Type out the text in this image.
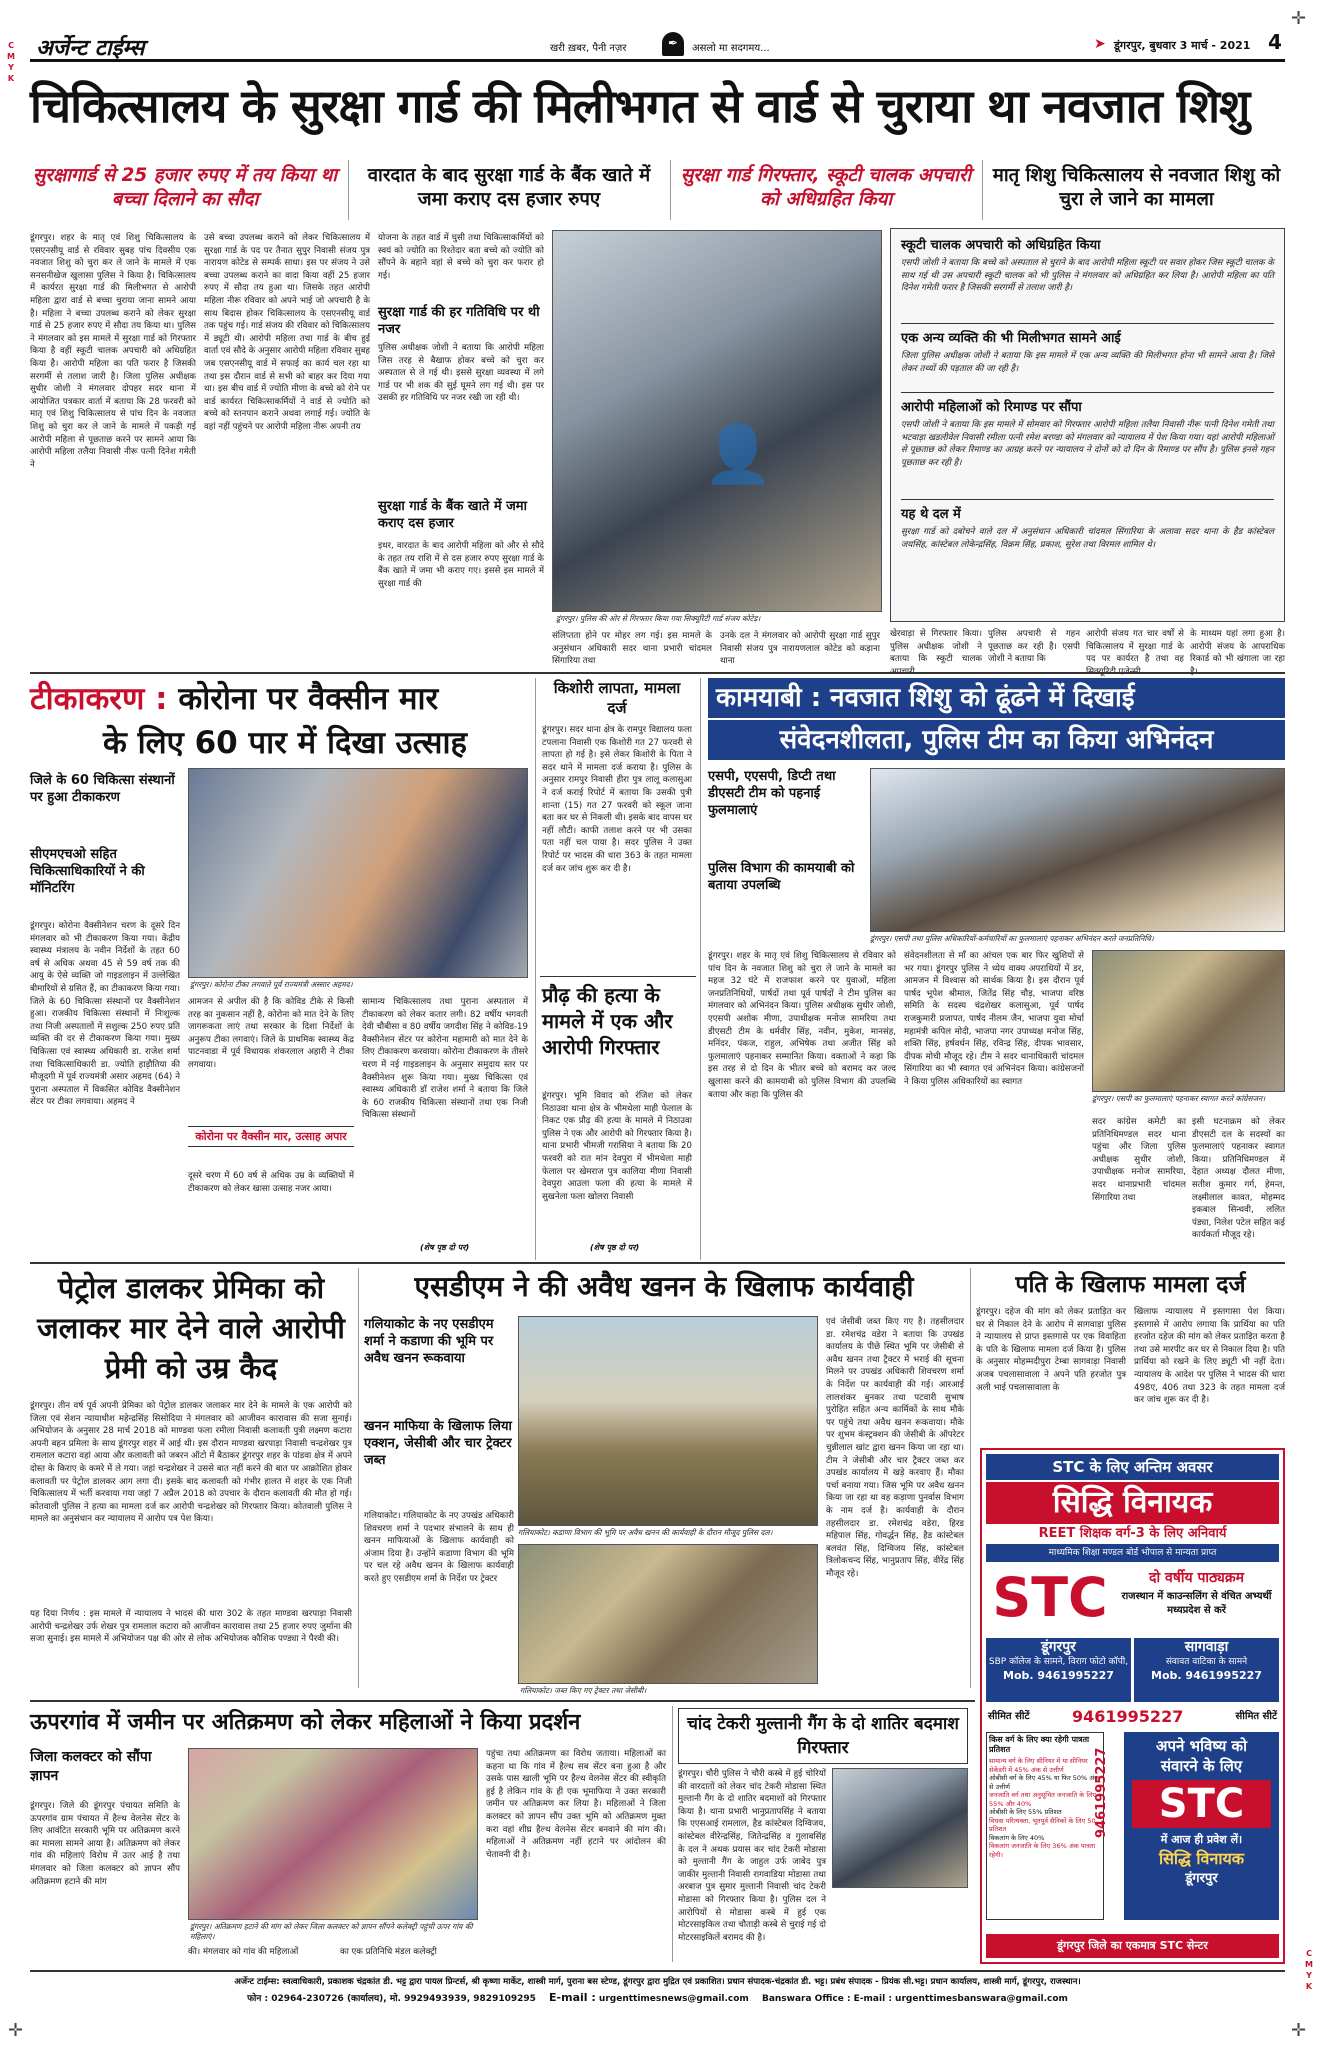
C
M
Y
K
C
M
Y
K
✛
✛
✛
अर्जेन्ट टाईम्स	खरी ख़बर, पैनी नज़र	✒	असलो मा सदगमय...	➤ डूंगरपुर, बुधवार 3 मार्च - 2021 4
चिकित्सालय के सुरक्षा गार्ड की मिलीभगत से वार्ड से चुराया था नवजात शिशु
सुरक्षागार्ड से 25 हजार रुपए में तय किया था बच्चा दिलाने का सौदा
वारदात के बाद सुरक्षा गार्ड के बैंक खाते में जमा कराए दस हजार रुपए
सुरक्षा गार्ड गिरफ्तार, स्कूटी चालक अपचारी को अधिग्रहित किया
मातृ शिशु चिकित्सालय से नवजात शिशु को चुरा ले जाने का मामला
डूंगरपुर। शहर के मातृ एवं शिशु चिकित्सालय के एसएनसीयू वार्ड से रविवार सुबह पांच दिवसीय एक नवजात शिशु को चुरा कर ले जाने के मामले में एक सनसनीखेज खुलासा पुलिस ने किया है। चिकित्सालय में कार्यरत सुरक्षा गार्ड की मिलीभगत से आरोपी महिला द्वारा वार्ड से बच्चा चुराया जाना सामने आया है। महिला ने बच्चा उपलब्ध कराने को लेकर सुरक्षा गार्ड से 25 हजार रुपए में सौदा तय किया था। पुलिस ने मंगलवार को इस मामले में सुरक्षा गार्ड को गिरफ्तार किया है वहीं स्कूटी चालक अपचारी को अधिग्रहित किया है। आरोपी महिला का पति फरार है जिसकी सरगर्मी से तलाश जारी है। जिला पुलिस अधीक्षक सुधीर जोशी ने मंगलवार दोपहर सदर थाना में आयोजित पत्रकार वार्ता में बताया कि 28 फरवरी को मातृ एवं शिशु चिकित्सालय से पांच दिन के नवजात शिशु को चुरा कर ले जाने के मामले में पकड़ी गई आरोपी महिला से पूछताछ करने पर सामने आया कि आरोपी महिला तलैया निवासी नीरू पत्नी दिनेश गमेती ने
उसे बच्चा उपलब्ध कराने को लेकर चिकित्सालय में सुरक्षा गार्ड के पद पर तैनात सुपुर निवासी संजय पुत्र नारायण कोटेड से सम्पर्क साधा। इस पर संजय ने उसे बच्चा उपलब्ध कराने का वादा किया वहीं 25 हजार रुपए में सौदा तय हुआ था। जिसके तहत आरोपी महिला नीरू रविवार को अपने भाई जो अपचारी है के साथ बिदास होकर चिकित्सालय के एसएनसीयू वार्ड तक पहुंच गई। गार्ड संजय की रविवार को चिकित्सालय में ड्यूटी थी। आरोपी महिला तथा गार्ड के बीच हुई वार्ता एवं सौदे के अनुसार आरोपी महिला रविवार सुबह जब एसएनसीयू वार्ड में सफाई का कार्य चल रहा था तथा इस दौरान वार्ड से सभी को बाहर कर दिया गया था। इस बीच वार्ड में ज्योति मीणा के बच्चे को रोने पर वार्ड कार्यरत चिकित्साकर्मियों ने वार्ड से ज्योति को बच्चे को स्तनपान कराने अथवा लगाई गई। ज्योति के वहां नहीं पहुंचने पर आरोपी महिला नीरू अपनी तय
योजना के तहत वार्ड में घुसी तथा चिकित्साकर्मियों को स्वयं को ज्योति का रिश्तेदार बता बच्चे को ज्योति को सौंपने के बहाने वहां से बच्चे को चुरा कर फरार हो गई।
सुरक्षा गार्ड की हर गतिविधि पर थी नजर
पुलिस अधीक्षक जोशी ने बताया कि आरोपी महिला जिस तरह से बैखाफ होकर बच्चे को चुरा कर अस्पताल से ले गई थी। इससे सुरक्षा व्यवस्था में लगे गार्ड पर भी शक की सुई घूमने लग गई थी। इस पर उसकी हर गतिविधि पर नजर रखी जा रही थी।
सुरक्षा गार्ड के बैंक खाते में जमा कराए दस हजार
इधर, वारदात के बाद आरोपी महिला को और से सौदे के तहत तय राशि में से दस हजार रुपए सुरक्षा गार्ड के बैंक खाते में जमा भी कराए गए। इससे इस मामले में सुरक्षा गार्ड की
👤
डूंगरपुर। पुलिस की ओर से गिरफ्तार किया गया सिक्यूरिटी गार्ड संजय कोटेड़।
संलिप्तता होने पर मोहर लग गई। इस मामले के अनुसंधान अधिकारी सदर थाना प्रभारी चांदमल सिंगारिया तथा
उनके दल ने मंगलवार को आरोपी सुरक्षा गार्ड सुपुर निवासी संजय पुत्र नारायणलाल कोटेड को कड़ाना थाना
स्कूटी चालक अपचारी को अधिग्रहित किया
एसपी जोशी ने बताया कि बच्चे को अस्पताल से चुराने के बाद आरोपी महिला स्कूटी पर सवार होकर जिस स्कूटी चालक के साथ गई थी उस अपचारी स्कूटी चालक को भी पुलिस ने मंगलवार को अधिग्रहित कर लिया है। आरोपी महिला का पति दिनेश गमेती फरार है जिसकी सरगर्मी से तलाश जारी है।
एक अन्य व्यक्ति की भी मिलीभगत सामने आई
जिला पुलिस अधीक्षक जोशी ने बताया कि इस मामले में एक अन्य व्यक्ति की मिलीभगत होना भी सामने आया है। जिसे लेकर तथ्यों की पड़ताल की जा रही है।
आरोपी महिलाओं को रिमाण्ड पर सौंपा
एसपी जोशी ने बताया कि इस मामले में सोमवार को गिरफ्तार आरोपी महिला तलैया निवासी नीरू पत्नी दिनेश गमेती तथा भटवाड़ा खडलीवेल निवासी रमीला पत्नी रमेश बरण्डा को मंगलवार को न्यायालय में पेश किया गया। यहां आरोपी महिलाओं से पूछताछ को लेकर रिमाण्ड का आग्रह करने पर न्यायालय ने दोनों को दो दिन के रिमाण्ड पर सौंप है। पुलिस इनसे गहन पूछताछ कर रही है।
यह थे दल में
सुरक्षा गार्ड को दबोचने वाले दल में अनुसंधान अधिकारी चांदमल सिंगारिया के अलावा सदर थाना के हैड कांस्टेबल जयसिंह, कांस्टेबल लोकेन्द्रसिंह, विक्रम सिंह, प्रकाश, सुरेश तथा विरमल शामिल थे।
खेरवाड़ा से गिरफ्तार किया। पुलिस अधीक्षक जोशी ने बताया कि स्कूटी चालक
पुलिस अपचारी से गहन पूछताछ कर रही है। एसपी जोशी ने बताया कि
आरोपी संजय गत चार वर्षों से चिकित्सालय में सुरक्षा गार्ड के पद पर कार्यरत है तथा वह
के माध्यम यहां लगा हुआ है। आरोपी संजय के आपराधिक रिकार्ड को भी खंगाला जा रहा
टीकाकरण : कोरोना पर वैक्सीन मार
के लिए 60 पार में दिखा उत्साह
जिले के 60 चिकित्सा संस्थानों पर हुआ टीकाकरण
सीएमएचओ सहित चिकित्साधिकारियों ने की मॉनिटरिंग
डूंगरपुर। कोरोना टीका लगवाते पूर्व राज्यमंत्री अस्सार अहमद।
डूंगरपुर। कोरोना वैक्सीनेशन चरण के दूसरे दिन मंगलवार को भी टीकाकरण किया गया। केंद्रीय स्वास्थ्य मंत्रालय के नवीन निर्देशों के तहत 60 वर्ष से अधिक अथवा 45 से 59 वर्ष तक की आयु के ऐसे व्यक्ति जो गाइडलाइन में उल्लेखित बीमारियों से ग्रसित हैं, का टीकाकरण किया गया। जिले के 60 चिकित्सा संस्थानों पर वैक्सीनेशन हुआ। राजकीय चिकित्सा संस्थानों में निःशुल्क तथा निजी अस्पतालों में सशुल्क 250 रुपए प्रति व्यक्ति की दर से टीकाकरण किया गया। मुख्य चिकित्सा एवं स्वास्थ्य अधिकारी डा. राजेश शर्मा तथा चिकित्साधिकारी डा. ज्योति हाड़ौतिया की मौजूदगी में पूर्व राज्यमंत्री असार अहमद (64) ने पुराना अस्पताल में विकसित कोविड वैक्सीनेशन सेंटर पर टीका लगवाया। अहमद ने
आमजन से अपील की है कि कोविड टीके से किसी तरह का नुकसान नहीं है, कोरोना को मात देने के लिए जागरूकता लाएं तथा सरकार के दिशा निर्देशों के अनुरूप टीका लगवाएं। जिले के प्राथमिक स्वास्थ्य केंद्र पाटनवाडा में पूर्व विधायक शंकरलाल अहारी ने टीका लगवाया।
कोरोना पर वैक्सीन मार, उत्साह अपार
दूसरे चरण में 60 वर्ष से अधिक उम्र के व्यक्तियों में टीकाकरण को लेकर खासा उत्साह नजर आया।
सामान्य चिकित्सालय तथा पुराना अस्पताल में टीकाकरण को लेकर कतार लगी। 82 वर्षीय भगवती देवी चौबीसा व 80 वर्षीय जगदीश सिंह ने कोविड-19 वैक्सीनेशन सेंटर पर कोरोना महामारी को मात देने के लिए टीकाकरण करवाया। कोरोना टीकाकरण के तीसरे चरण में नई गाइडलाइन के अनुसार समुदाय स्तर पर वैक्सीनेशन शुरू किया गया। मुख्य चिकित्सा एवं स्वास्थ्य अधिकारी डॉ राजेश शर्मा ने बताया कि जिले के 60 राजकीय चिकित्सा संस्थानों तथा एक निजी चिकित्सा संस्थानों
(शेष पृष्ठ दो पर)
किशोरी लापता, मामला दर्ज
डूंगरपुर। सदर थाना क्षेत्र के रामपुर विद्यालय फला टपलाना निवासी एक किशोरी गत 27 फरवरी से लापता हो गई है। इसे लेकर किशोरी के पिता ने सदर थाने में मामला दर्ज कराया है। पुलिस के अनुसार रामपुर निवासी हीरा पुत्र लालू कलासुआ ने दर्ज कराई रिपोर्ट में बताया कि उसकी पुत्री शान्ता (15) गत 27 फरवरी को स्कूल जाना बता कर घर से निकली थी। इसके बाद वापस घर नहीं लौटी। काफी तलाश करने पर भी उसका पता नहीं चल पाया है। सदर पुलिस ने उक्त रिपोर्ट पर भादस की धारा 363 के तहत मामला दर्ज कर जांच शुरू कर दी है।
प्रौढ़ की हत्या के मामले में एक और आरोपी गिरफ्तार
डूंगरपुर। भूमि विवाद को रंजिश को लेकर निठाउवा थाना क्षेत्र के भीमथेला माही फेलाल के निकट एक प्रौढ़ की हत्या के मामले में निठाउवा पुलिस ने एक और आरोपी को गिरफ्तार किया है। थाना प्रभारी भीमजी गरासिया ने बताया कि 20 फरवरी को रात मांन देवपुरा में भीमथेला माही फेलाल पर खेमराज पुत्र कालिया मीणा निवासी देवपुरा आउला फला की हत्या के मामले में सुखनेला फला खोलरा निवासी
(शेष पृष्ठ दो पर)
कामयाबी : नवजात शिशु को ढूंढने में दिखाई
संवेदनशीलता, पुलिस टीम का किया अभिनंदन
एसपी, एएसपी, डिप्टी तथा डीएसटी टीम को पहनाई फुलमालाएं
पुलिस विभाग की कामयाबी को बताया उपलब्धि
डूंगरपुर। एसपी तथा पुलिस अधिकारियों-कर्मचारियों का फुलमालाएं पहनाकर अभिनंदन करते जनप्रतिनिधि।
डूंगरपुर। शहर के मातृ एवं शिशु चिकित्सालय से रविवार को पांच दिन के नवजात शिशु को चुरा ले जाने के मामले का महज 32 घंटे में राजफाश करने पर युवाओं, महिला जनप्रतिनिधियों, पार्षदों तथा पूर्व पार्षदों ने टीम पुलिस का मंगलवार को अभिनंदन किया। पुलिस अधीक्षक सुधीर जोशी, एएसपी अशोक मीणा, उपाधीक्षक मनोज सामरिया तथा डीएसटी टीम के धर्मवीर सिंह, नवीन, मुकेश, मानसंह, मनिंदर, पंकज, राहुल, अभिषेक तथा अजीत सिंह को फुलमालाएं पहनाकर सम्मानित किया। वक्ताओं ने कहा कि इस तरह से दो दिन के भीतर बच्चे को बरामद कर जल्द खुलासा करने की कामयाबी को पुलिस विभाग की उपलब्धि बताया और कहा कि पुलिस की
संवेदनशीलता से माँ का आंचल एक बार फिर खुशियों से भर गया। डूंगरपुर पुलिस ने ध्येय वाक्य अपराधियों में डर, आमजन में विश्वास को सार्थक किया है। इस दौरान पूर्व पार्षद भूपेश श्रीमाल, जितेंद्र सिंह चौड़, भाजपा वरिष्ठ समिति के सदस्य चंद्रशेखर कलासुआ, पूर्व पार्षद राजकुमारी प्रजापत, पार्षद नीलम जैन, भाजपा युवा मोर्चा महामंत्री कपिल मोदी, भाजपा नगर उपाध्यक्ष मनोज सिंह, शक्ति सिंह, हर्षवर्धन सिंह, रविन्द्र सिंह, दीपक भावसार, दीपक मोची मौजूद रहे। टीम ने सदर थानाधिकारी चांदमल सिंगारिया का भी स्वागत एवं अभिनंदन किया। कांग्रेसजनों ने किया पुलिस अधिकारियों का स्वागत
डूंगरपुर। एसपी का फुलमालाएं पहनाकर स्वागत करते कांग्रेसजन।
सदर कांग्रेस कमेटी का प्रतिनिधिमण्डल सदर थाना पहुंचा और जिला पुलिस अधीक्षक सुधीर जोशी, उपाधीक्षक मनोज सामरिया, सदर थानाप्रभारी चांदमल सिंगारिया तथा
इसी घटनाक्रम को लेकर डीएसटी दल के सदस्यों का फुलमालाएं पहनाकर स्वागत किया। प्रतिनिधिमण्डल में देहात अध्यक्ष दौलत मीणा, सतीश कुमार गर्ग, हेमन्त, लक्ष्मीलाल कावत, मोहम्मद इकबाल सिन्धवी, ललित पंड्या, निलेश पटेल सहित कई कार्यकर्ता मौजूद रहे।
पेट्रोल डालकर प्रेमिका को जलाकर मार देने वाले आरोपी प्रेमी को उम्र कैद
डूंगरपुर। तीन वर्ष पूर्व अपनी प्रेमिका को पेट्रोल डालकर जलाकर मार देने के मामले के एक आरोपी को जिला एवं सेशन न्यायाधीश महेन्द्रसिंह सिसोदिया ने मंगलवार को आजीवन कारावास की सजा सुनाई। अभियोजन के अनुसार 28 मार्च 2018 को माण्डवा फला रमीला निवासी कलावती पुत्री लक्ष्मण कटारा अपनी बहन प्रमिला के साथ डूंगरपुर शहर में आई थी। इस दौरान माण्डवा खरपाड़ा निवासी चन्द्रशेखर पुत्र रामलाल कटारा वहां आया और कलावती को जबरन ऑटो में बैठाकर डूंगरपुर शहर के पांडवा क्षेत्र में अपने दोस्त के किराए के कमरे में ले गया। जहां चन्द्रशेखर ने उससे बात नहीं करने की बात पर आक्रोशित होकर कलावती पर पेट्रोल डालकर आग लगा दी। इसके बाद कलावती को गंभीर हालत में शहर के एक निजी चिकित्सालय में भर्ती करवाया गया जहां 7 अप्रैल 2018 को उपचार के दौरान कलावती की मौत हो गई। कोतवाली पुलिस ने हत्या का मामला दर्ज कर आरोपी चन्द्रशेखर को गिरफ्तार किया। कोतवाली पुलिस ने मामले का अनुसंधान कर न्यायालय में आरोप पत्र पेश किया।
यह दिया निर्णय : इस मामले में न्यायालय ने भादसं की धारा 302 के तहत माण्डवा खरपाड़ा निवासी आरोपी चन्द्रशेखर उर्फ शेखर पुत्र रामलाल कटारा को आजीवन कारावास तथा 25 हजार रुपए जुर्माना की सजा सुनाई। इस मामले में अभियोजन पक्ष की ओर से लोक अभियोजक कौशिक पण्ड्या ने पैरवी की।
एसडीएम ने की अवैध खनन के खिलाफ कार्यवाही
गलियाकोट के नए एसडीएम शर्मा ने कडाणा की भूमि पर अवैध खनन रूकवाया
खनन माफिया के खिलाफ लिया एक्शन, जेसीबी और चार ट्रेक्टर जब्त
गलियाकोट। कडाणा विभाग की भूमि पर अवैध खनन की कार्यवाही के दौरान मौजूद पुलिस दल।
गलियाकोट। जब्त किए गए ट्रेक्टर तथा जेसीबी।
गलियाकोट। गलियाकोट के नए उपखंड अधिकारी शिवचरण शर्मा ने पदभार संभालने के साथ ही खनन माफियाओं के खिलाफ कार्यवाही को अंजाम दिया है। उन्होंने कडाणा विभाग की भूमि पर चल रहे अवैध खनन के खिलाफ कार्यवाही करते हुए एसडीएम शर्मा के निर्देश पर ट्रेक्टर
एवं जेसीबी जब्त किए गए है। तहसीलदार डा. रमेशचंद्र वडेरा ने बताया कि उपखंड कार्यालय के पीछे स्थित भूमि पर जेसीबी से अवैध खनन तथा ट्रैक्टर में भराई की सूचना मिलने पर उपखंड अधिकारी शिवचरण शर्मा के निर्देश पर कार्यवाही की गई। आरआई लालशंकर बुनकर तथा पटवारी सुभाष पुरोहित सहित अन्य कार्मिकों के साथ मौके पर पहुंचे तथा अवैध खनन रूकवाया। मौके पर शुभम कंस्ट्रक्शन की जेसीबी के ऑपरेटर चुन्नीलाल खांट द्वारा खनन किया जा रहा था। टीम ने जेसीबी और चार ट्रैक्टर जब्त कर उपखंड कार्यालय में खड़े करवाए हैं। मौका पर्चा बनाया गया। जिस भूमि पर अवैध खनन किया जा रहा था वह कड़ाणा पुनर्वास विभाग के नाम दर्ज है। कार्यवाही के दौरान तहसीलदार डा. रमेशचंद्र वडेरा, हिरड महिपाल सिंह, गोवर्द्धन सिंह, हैड कांस्टेबल बलवंत सिंह, दिग्विजय सिंह, कांस्टेबल त्रिलोकचन्द सिंह, भानुप्रताप सिंह, वीरेंद्र सिंह मौजूद रहे।
पति के खिलाफ मामला दर्ज
डूंगरपुर। दहेज की मांग को लेकर प्रताड़ित कर घर से निकाल देने के आरोप में सागवाड़ा पुलिस ने न्यायालय से प्राप्त इस्तगासे पर एक विवाहिता के पति के खिलाफ मामला दर्ज किया है। पुलिस के अनुसार मोहम्मदीपुरा टेम्बा सागवाड़ा निवासी अजब पचलासावाला ने अपने पति हरजोत पुत्र अली भाई पचलासावाला के
खिलाफ न्यायालय में इस्तगासा पेश किया। इस्तगासे में आरोप लगाया कि प्रार्थिया का पति हरजोत दहेज की मांग को लेकर प्रताड़ित करता है तथा उसे मारपीट कर घर से निकाल दिया है। पति प्रार्थिया को रखने के लिए ड्यूटी भी नहीं देता। न्यायालय के आदेश पर पुलिस ने भादस की धारा 498ए, 406 तथा 323 के तहत मामला दर्ज कर जांच शुरू कर दी है।
STC के लिए अन्तिम अवसर
सिद्धि विनायक
REET शिक्षक वर्ग-3 के लिए अनिवार्य
माध्यमिक शिक्षा मण्डल बोर्ड भोपाल से मान्यता प्राप्त
STC	दो वर्षीय पाठ्यक्रम
राजस्थान में काउन्सलिंग से वंचित अभ्यर्थी मध्यप्रदेश से करें
डूंगरपुर
SBP कॉलेज के सामने, विराग फोटो कॉपी,
Mob. 9461995227
सागवाड़ा
संवावत वाटिका के सामने
Mob. 9461995227
सीमित सीटें	9461995227	सीमित सीटें
किस वर्ग के लिए क्या रहेगी पात्रता प्रतिशत
सामान्य वर्ग के लिए सीनियर में या सीनियर सेकेंडरी में 45% अंक से उत्तीर्ण
ओबीसी वर्ग के लिए 45% या फिर 50% अंक से उत्तीर्ण
जनजाति वर्ग तथा अनुसूचित जनजाति के लिए 55% और 40%
ओबीसी के लिए 55% प्रतिशत
विधवा परित्यक्ता, भूतपूर्व सैनिकों के लिए 50 प्रतिशत
विकलांग के लिए 40%
विकलांग जनजाति के लिए 36% अंक पात्रता रहेगी।
9461995227
अपने भविष्य को
संवारने के लिए
STC
में आज ही प्रवेश लें।
सिद्धि विनायक
डूंगरपुर
डूंगरपुर जिले का एकमात्र STC सेन्टर
ऊपरगांव में जमीन पर अतिक्रमण को लेकर महिलाओं ने किया प्रदर्शन
जिला कलक्टर को सौंपा ज्ञापन
डूंगरपुर। अतिक्रमण हटाने की मांग को लेकर जिला कलक्टर को ज्ञापन सौंपने कलेक्ट्री पहुंची ऊपर गांव की महिलाएं।
डूंगरपुर। जिले की डूंगरपुर पंचायत समिति के ऊपरगांव ग्राम पंचायत में हैल्थ वेलनेस सेंटर के लिए आवंटित सरकारी भूमि पर अतिक्रमण करने का मामला सामने आया है। अतिक्रमण को लेकर गांव की महिलाएं विरोध में उतर आई है तथा मंगलवार को जिला कलक्टर को ज्ञापन सौंप अतिक्रमण हटाने की मांग
की। मंगलवार को गांव की महिलाओं	का एक प्रतिनिधि मंडल कलेक्ट्री
पहुंचा तथा अतिक्रमण का विरोध जताया। महिलाओं का कहना था कि गांव में हैल्थ सब सेंटर बना हुआ है और उसके पास खाली भूमि पर हैल्थ वेलनेस सेंटर की स्वीकृति हुई है लेकिन गांव के ही एक भूमाफिया ने उक्त सरकारी जमीन पर अतिक्रमण कर लिया है। महिलाओं ने जिला कलक्टर को ज्ञापन सौंप उक्त भूमि को अतिक्रमण मुक्त करा वहां शीघ्र हैल्थ वेलनेस सेंटर बनवाने की मांग की। महिलाओं ने अतिक्रमण नहीं हटाने पर आंदोलन की चेतावनी दी है।
चांद टेकरी मुल्तानी गैंग के दो शातिर बदमाश गिरफ्तार
डूंगरपुर। चौरी पुलिस ने चौरी कस्बे में हुई चोरियों की वारदातों को लेकर चांद टेकरी मोडासा स्थित मुल्तानी गैंग के दो शातिर बदमाशों को गिरफ्तार किया है। थाना प्रभारी भानुप्रतापसिंह ने बताया कि एएसआई रामलाल, हैड कांस्टेबल दिग्विजय, कांस्टेबल वीरेन्द्रसिंह, जितेन्द्रसिंह व गुलाबसिंह के दल ने अथक प्रयास कर चांद टेकरी मोडासा को मुल्तानी गैंग के जाहुल उर्फ जाबेद पुत्र जाकीर मुल्तानी निवासी रागवाडिया मोडासा तथा अरबाज पुत्र सुमार मुल्तानी निवासी चांद टेकरी मोडासा को गिरफ्तार किया है। पुलिस दल ने आरोपियों से मोडासा कस्बे में हुई एक मोटरसाइकिल तथा चौताड़ी कस्बे से चुराई गई दो मोटरसाइकिलें बरामद की है।
अर्जेन्ट टाईम्स: स्वत्वाधिकारी, प्रकाशक चंद्रकांत डी. भट्ट द्वारा पायल प्रिन्टर्स, श्री कृष्णा मार्केट, शास्त्री मार्ग, पुराना बस स्टेण्ड, डूंगरपुर द्वारा मुद्रित एवं प्रकाशित। प्रधान संपादक-चंद्रकांत डी. भट्ट। प्रबंध संपादक - प्रियंक सी.भट्ट। प्रधान कार्यालय, शास्त्री मार्ग, डूंगरपुर, राजस्थान।
फोन : 02964-230726 (कार्यालय), मो. 9929493939, 9829109295 E-mail : urgenttimesnews@gmail.com Banswara Office : E-mail : urgenttimesbanswara@gmail.com
